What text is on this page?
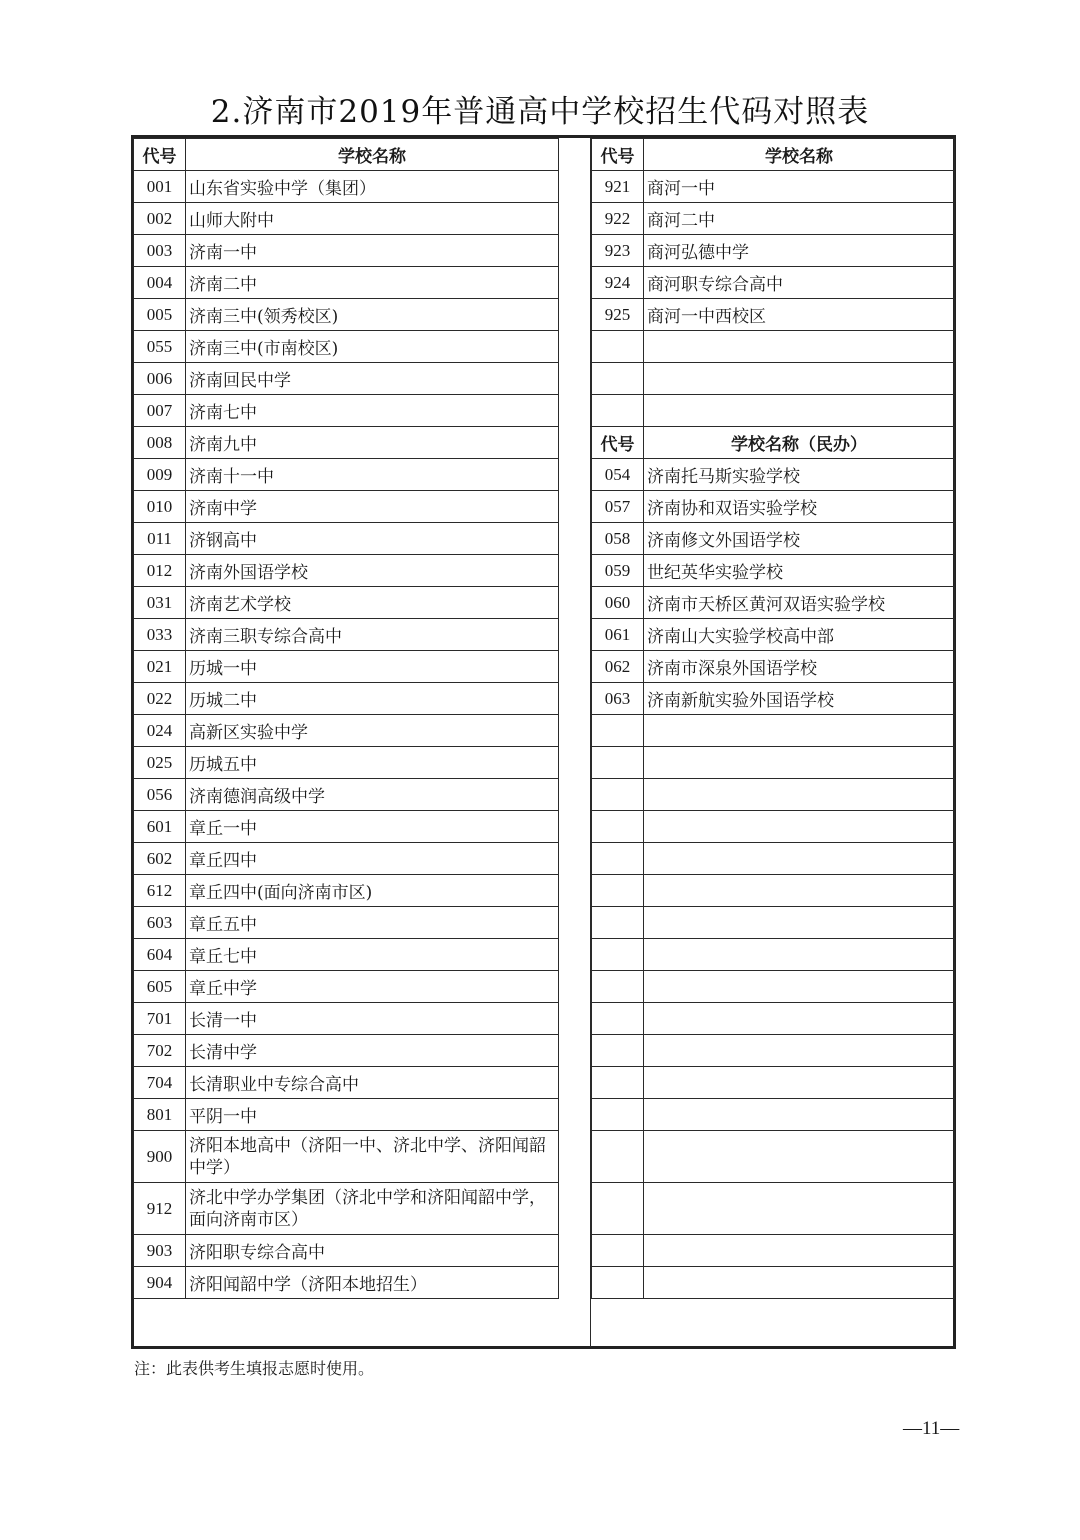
2.济南市2019年普通高中学校招生代码对照表
代号	学校名称
001	山东省实验中学（集团）
002	山师大附中
003	济南一中
004	济南二中
005	济南三中(领秀校区)
055	济南三中(市南校区)
006	济南回民中学
007	济南七中
008	济南九中
009	济南十一中
010	济南中学
011	济钢高中
012	济南外国语学校
031	济南艺术学校
033	济南三职专综合高中
021	历城一中
022	历城二中
024	高新区实验中学
025	历城五中
056	济南德润高级中学
601	章丘一中
602	章丘四中
612	章丘四中(面向济南市区)
603	章丘五中
604	章丘七中
605	章丘中学
701	长清一中
702	长清中学
704	长清职业中专综合高中
801	平阴一中
900	济阳本地高中（济阳一中、济北中学、济阳闻韶中学）
912	济北中学办学集团（济北中学和济阳闻韶中学，面向济南市区）
903	济阳职专综合高中
904	济阳闻韶中学（济阳本地招生）
代号	学校名称
921	商河一中
922	商河二中
923	商河弘德中学
924	商河职专综合高中
925	商河一中西校区

代号	学校名称（民办）
054	济南托马斯实验学校
057	济南协和双语实验学校
058	济南修文外国语学校
059	世纪英华实验学校
060	济南市天桥区黄河双语实验学校
061	济南山大实验学校高中部
062	济南市深泉外国语学校
063	济南新航实验外国语学校

注：此表供考生填报志愿时使用。
—11—
